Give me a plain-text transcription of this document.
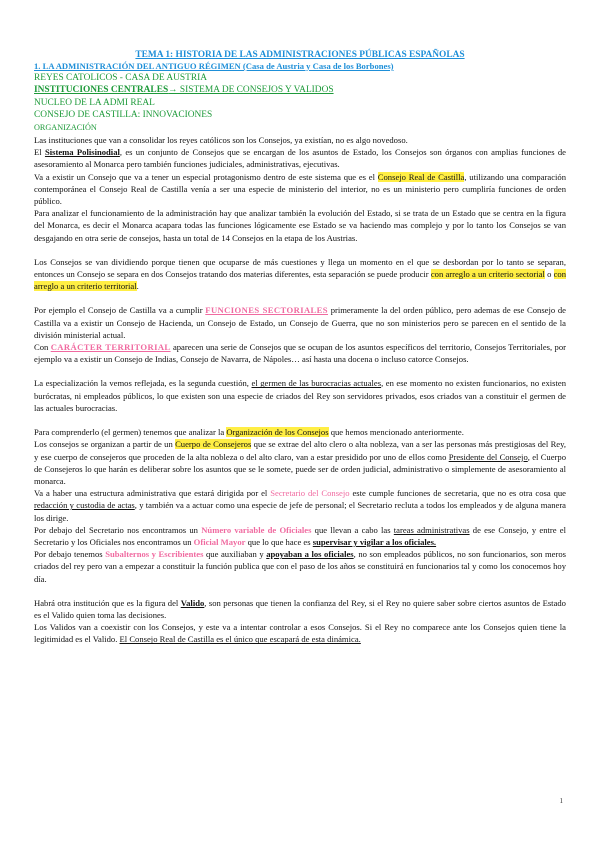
TEMA 1: HISTORIA DE LAS ADMINISTRACIONES PÚBLICAS ESPAÑOLAS
1. LA ADMINISTRACIÓN DEL ANTIGUO RÉGIMEN (Casa de Austria y Casa de los Borbones)
REYES CATOLICOS - CASA DE AUSTRIA
INSTITUCIONES CENTRALES→ SISTEMA DE CONSEJOS Y VALIDOS
NUCLEO DE LA ADMI REAL
CONSEJO DE CASTILLA: INNOVACIONES
ORGANIZACIÓN

Las instituciones que van a consolidar los reyes católicos son los Consejos, ya existían, no es algo novedoso.

El Sistema Polisinodial, es un conjunto de Consejos que se encargan de los asuntos de Estado, los Consejos son órganos con amplias funciones de asesoramiento al Monarca pero también funciones judiciales, administrativas, ejecutivas.

Va a existir un Consejo que va a tener un especial protagonismo dentro de este sistema que es el Consejo Real de Castilla, utilizando una comparación contemporánea el Consejo Real de Castilla venía a ser una especie de ministerio del interior, no es un ministerio pero cumpliría funciones de orden público.

Para analizar el funcionamiento de la administración hay que analizar también la evolución del Estado, si se trata de un Estado que se centra en la figura del Monarca, es decir el Monarca acapara todas las funciones lógicamente ese Estado se va haciendo mas complejo y por lo tanto los Consejos se van desgajando en otra serie de consejos, hasta un total de 14 Consejos en la etapa de los Austrias.

Los Consejos se van dividiendo porque tienen que ocuparse de más cuestiones y llega un momento en el que se desbordan por lo tanto se separan, entonces un Consejo se separa en dos Consejos tratando dos materias diferentes, esta separación se puede producir con arreglo a un criterio sectorial o con arreglo a un criterio territorial.

Por ejemplo el Consejo de Castilla va a cumplir FUNCIONES SECTORIALES primeramente la del orden público, pero ademas de ese Consejo de Castilla va a existir un Consejo de Hacienda, un Consejo de Estado, un Consejo de Guerra, que no son ministerios pero se parecen en el sentido de la división ministerial actual.

Con CARÁCTER TERRITORIAL aparecen una serie de Consejos que se ocupan de los asuntos específicos del territorio, Consejos Territoriales, por ejemplo va a existir un Consejo de Indias, Consejo de Navarra, de Nápoles… así hasta una docena o incluso catorce Consejos.

La especialización la vemos reflejada, es la segunda cuestión, el germen de las burocracias actuales, en ese momento no existen funcionarios, no existen burócratas, ni empleados públicos, lo que existen son una especie de criados del Rey son servidores privados, esos criados van a constituir el germen de las actuales burocracias.

Para comprenderlo (el germen) tenemos que analizar la Organización de los Consejos que hemos mencionado anteriormente.

Los consejos se organizan a partir de un Cuerpo de Consejeros que se extrae del alto clero o alta nobleza, van a ser las personas más prestigiosas del Rey, y ese cuerpo de consejeros que proceden de la alta nobleza o del alto claro, van a estar presidido por uno de ellos como Presidente del Consejo, el Cuerpo de Consejeros lo que harán es deliberar sobre los asuntos que se le somete, puede ser de orden judicial, administrativo o simplemente de asesoramiento al monarca.

Va a haber una estructura administrativa que estará dirigida por el Secretario del Consejo este cumple funciones de secretaria, que no es otra cosa que redacción y custodia de actas, y también va a actuar como una especie de jefe de personal; el Secretario recluta a todos los empleados y de alguna manera los dirige.

Por debajo del Secretario nos encontramos un Número variable de Oficiales que llevan a cabo las tareas administrativas de ese Consejo, y entre el Secretario y los Oficiales nos encontramos un Oficial Mayor que lo que hace es supervisar y vigilar a los oficiales.

Por debajo tenemos Subalternos y Escribientes que auxiliaban y apoyaban a los oficiales, no son empleados públicos, no son funcionarios, son meros criados del rey pero van a empezar a constituir la función publica que con el paso de los años se constituirá en funcionarios tal y como los conocemos hoy día.

Habrá otra institución que es la figura del Valido, son personas que tienen la confianza del Rey, si el Rey no quiere saber sobre ciertos asuntos de Estado es el Valido quien toma las decisiones.

Los Validos van a coexistir con los Consejos, y este va a intentar controlar a esos Consejos. Si el Rey no comparece ante los Consejos quien tiene la legitimidad es el Valido. El Consejo Real de Castilla es el único que escapará de esta dinámica.

1
